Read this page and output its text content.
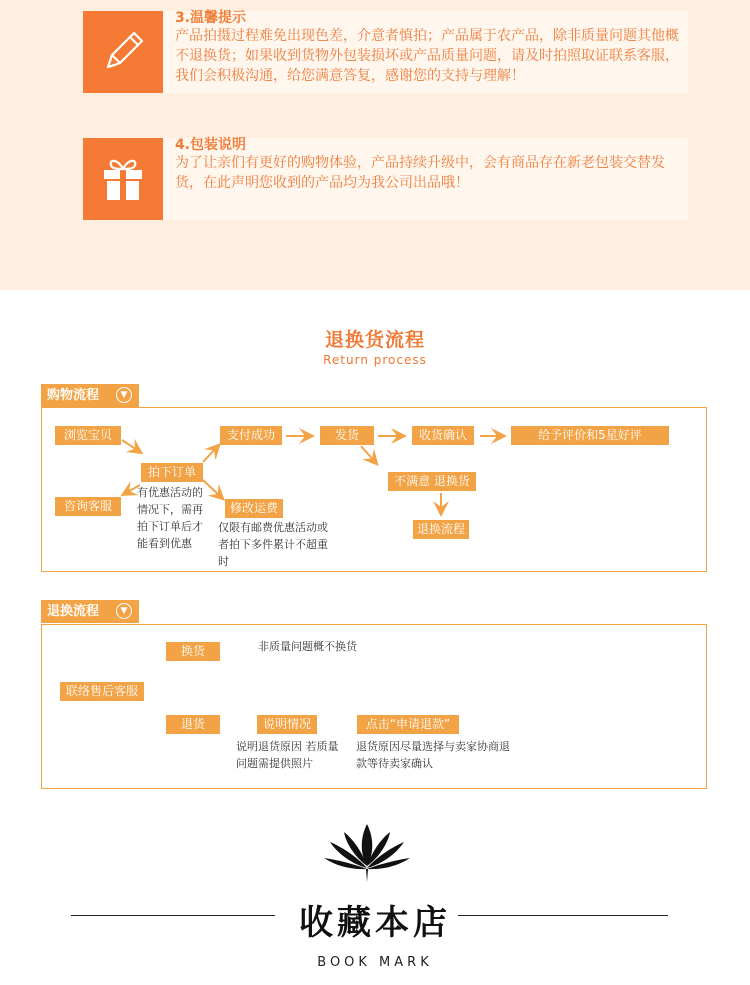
3.温馨提示
产品拍摄过程难免出现色差，介意者慎拍；产品属于农产品，除非质量问题其他概不退换货；如果收到货物外包装损坏或产品质量问题，请及时拍照取证联系客服，我们会积极沟通，给您满意答复，感谢您的支持与理解！
4.包装说明
为了让亲们有更好的购物体验，产品持续升级中，会有商品存在新老包装交替发货，在此声明您收到的产品均为我公司出品哦！
退换货流程
Return process
购物流程	▼
浏览宝贝
咨询客服
拍下订单
支付成功	发货	收货确认	给予评价和5星好评
不满意 退换货
退换流程
修改运费
有优惠活动的情况下，需再拍下订单后才能看到优惠
仅限有邮费优惠活动或者拍下多件累计不超重时
退换流程	▼
联络售后客服
换货
退货	说明情况	点击“申请退款”
非质量问题概不换货
说明退货原因 若质量问题需提供照片
退货原因尽量选择与卖家协商退款等待卖家确认
收藏本店
BOOK MARK
